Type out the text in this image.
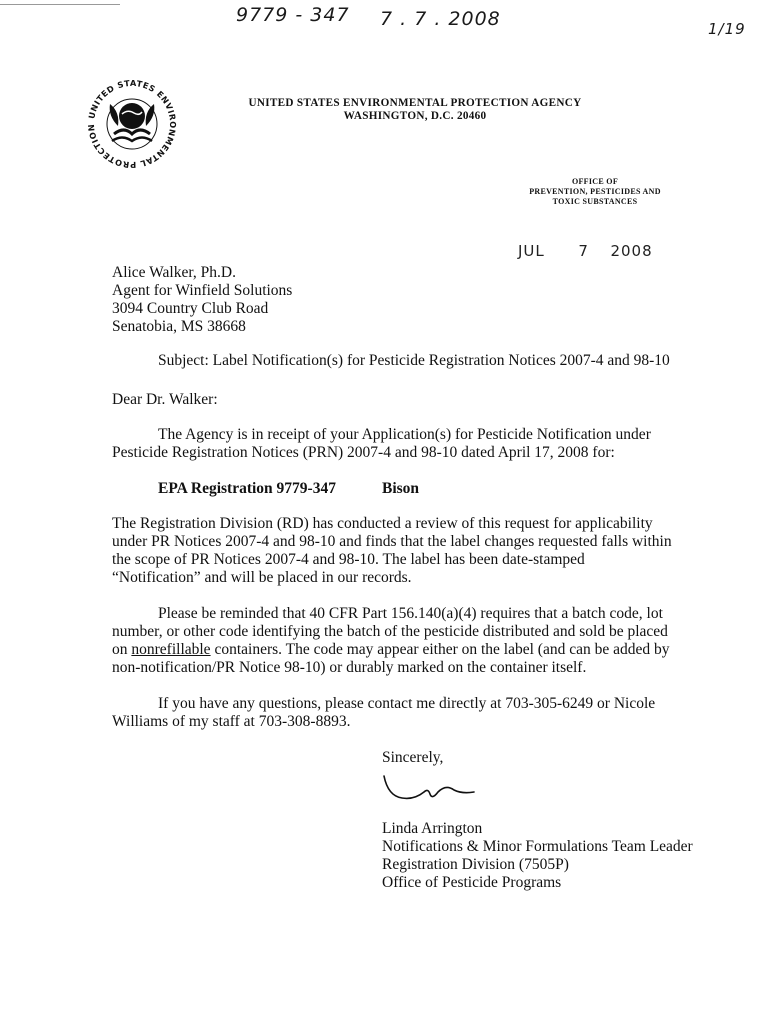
9779 - 347 7 . 7 . 2008	1/19
UNITED STATES ENVIRONMENTAL PROTECTION
UNITED STATES ENVIRONMENTAL PROTECTION AGENCY
WASHINGTON, D.C. 20460
OFFICE OF
PREVENTION, PESTICIDES AND
TOXIC SUBSTANCES
JUL 7 2008
Alice Walker, Ph.D.
Agent for Winfield Solutions
3094 Country Club Road
Senatobia, MS 38668
Subject: Label Notification(s) for Pesticide Registration Notices 2007-4 and 98-10
Dear Dr. Walker:
The Agency is in receipt of your Application(s) for Pesticide Notification under Pesticide Registration Notices (PRN) 2007-4 and 98-10 dated April 17, 2008 for:
EPA Registration 9779-347	Bison
The Registration Division (RD) has conducted a review of this request for applicability under PR Notices 2007-4 and 98-10 and finds that the label changes requested falls within the scope of PR Notices 2007-4 and 98-10. The label has been date-stamped “Notification” and will be placed in our records.

Please be reminded that 40 CFR Part 156.140(a)(4) requires that a batch code, lot number, or other code identifying the batch of the pesticide distributed and sold be placed on nonrefillable containers. The code may appear either on the label (and can be added by non-notification/PR Notice 98-10) or durably marked on the container itself.

If you have any questions, please contact me directly at 703-305-6249 or Nicole Williams of my staff at 703-308-8893.
Sincerely,
Linda Arrington
Notifications & Minor Formulations Team Leader
Registration Division (7505P)
Office of Pesticide Programs
